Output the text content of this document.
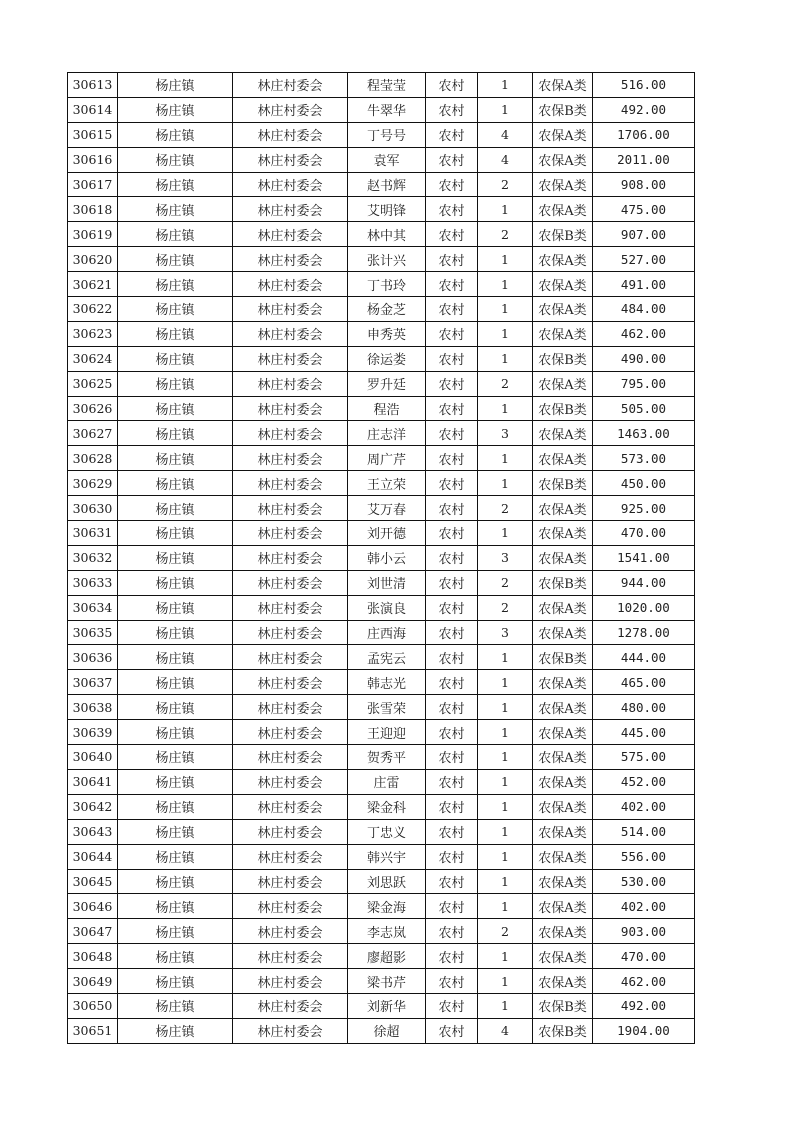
30613	杨庄镇	林庄村委会	程莹莹	农村	1	农保A类	516.00
30614	杨庄镇	林庄村委会	牛翠华	农村	1	农保B类	492.00
30615	杨庄镇	林庄村委会	丁号号	农村	4	农保A类	1706.00
30616	杨庄镇	林庄村委会	袁军	农村	4	农保A类	2011.00
30617	杨庄镇	林庄村委会	赵书辉	农村	2	农保A类	908.00
30618	杨庄镇	林庄村委会	艾明锋	农村	1	农保A类	475.00
30619	杨庄镇	林庄村委会	林中其	农村	2	农保B类	907.00
30620	杨庄镇	林庄村委会	张计兴	农村	1	农保A类	527.00
30621	杨庄镇	林庄村委会	丁书玲	农村	1	农保A类	491.00
30622	杨庄镇	林庄村委会	杨金芝	农村	1	农保A类	484.00
30623	杨庄镇	林庄村委会	申秀英	农村	1	农保A类	462.00
30624	杨庄镇	林庄村委会	徐运娄	农村	1	农保B类	490.00
30625	杨庄镇	林庄村委会	罗升廷	农村	2	农保A类	795.00
30626	杨庄镇	林庄村委会	程浩	农村	1	农保B类	505.00
30627	杨庄镇	林庄村委会	庄志洋	农村	3	农保A类	1463.00
30628	杨庄镇	林庄村委会	周广芹	农村	1	农保A类	573.00
30629	杨庄镇	林庄村委会	王立荣	农村	1	农保B类	450.00
30630	杨庄镇	林庄村委会	艾万春	农村	2	农保A类	925.00
30631	杨庄镇	林庄村委会	刘开德	农村	1	农保A类	470.00
30632	杨庄镇	林庄村委会	韩小云	农村	3	农保A类	1541.00
30633	杨庄镇	林庄村委会	刘世清	农村	2	农保B类	944.00
30634	杨庄镇	林庄村委会	张演良	农村	2	农保A类	1020.00
30635	杨庄镇	林庄村委会	庄西海	农村	3	农保A类	1278.00
30636	杨庄镇	林庄村委会	孟宪云	农村	1	农保B类	444.00
30637	杨庄镇	林庄村委会	韩志光	农村	1	农保A类	465.00
30638	杨庄镇	林庄村委会	张雪荣	农村	1	农保A类	480.00
30639	杨庄镇	林庄村委会	王迎迎	农村	1	农保A类	445.00
30640	杨庄镇	林庄村委会	贺秀平	农村	1	农保A类	575.00
30641	杨庄镇	林庄村委会	庄雷	农村	1	农保A类	452.00
30642	杨庄镇	林庄村委会	梁金科	农村	1	农保A类	402.00
30643	杨庄镇	林庄村委会	丁忠义	农村	1	农保A类	514.00
30644	杨庄镇	林庄村委会	韩兴宇	农村	1	农保A类	556.00
30645	杨庄镇	林庄村委会	刘思跃	农村	1	农保A类	530.00
30646	杨庄镇	林庄村委会	梁金海	农村	1	农保A类	402.00
30647	杨庄镇	林庄村委会	李志岚	农村	2	农保A类	903.00
30648	杨庄镇	林庄村委会	廖超影	农村	1	农保A类	470.00
30649	杨庄镇	林庄村委会	梁书芹	农村	1	农保A类	462.00
30650	杨庄镇	林庄村委会	刘新华	农村	1	农保B类	492.00
30651	杨庄镇	林庄村委会	徐超	农村	4	农保B类	1904.00
